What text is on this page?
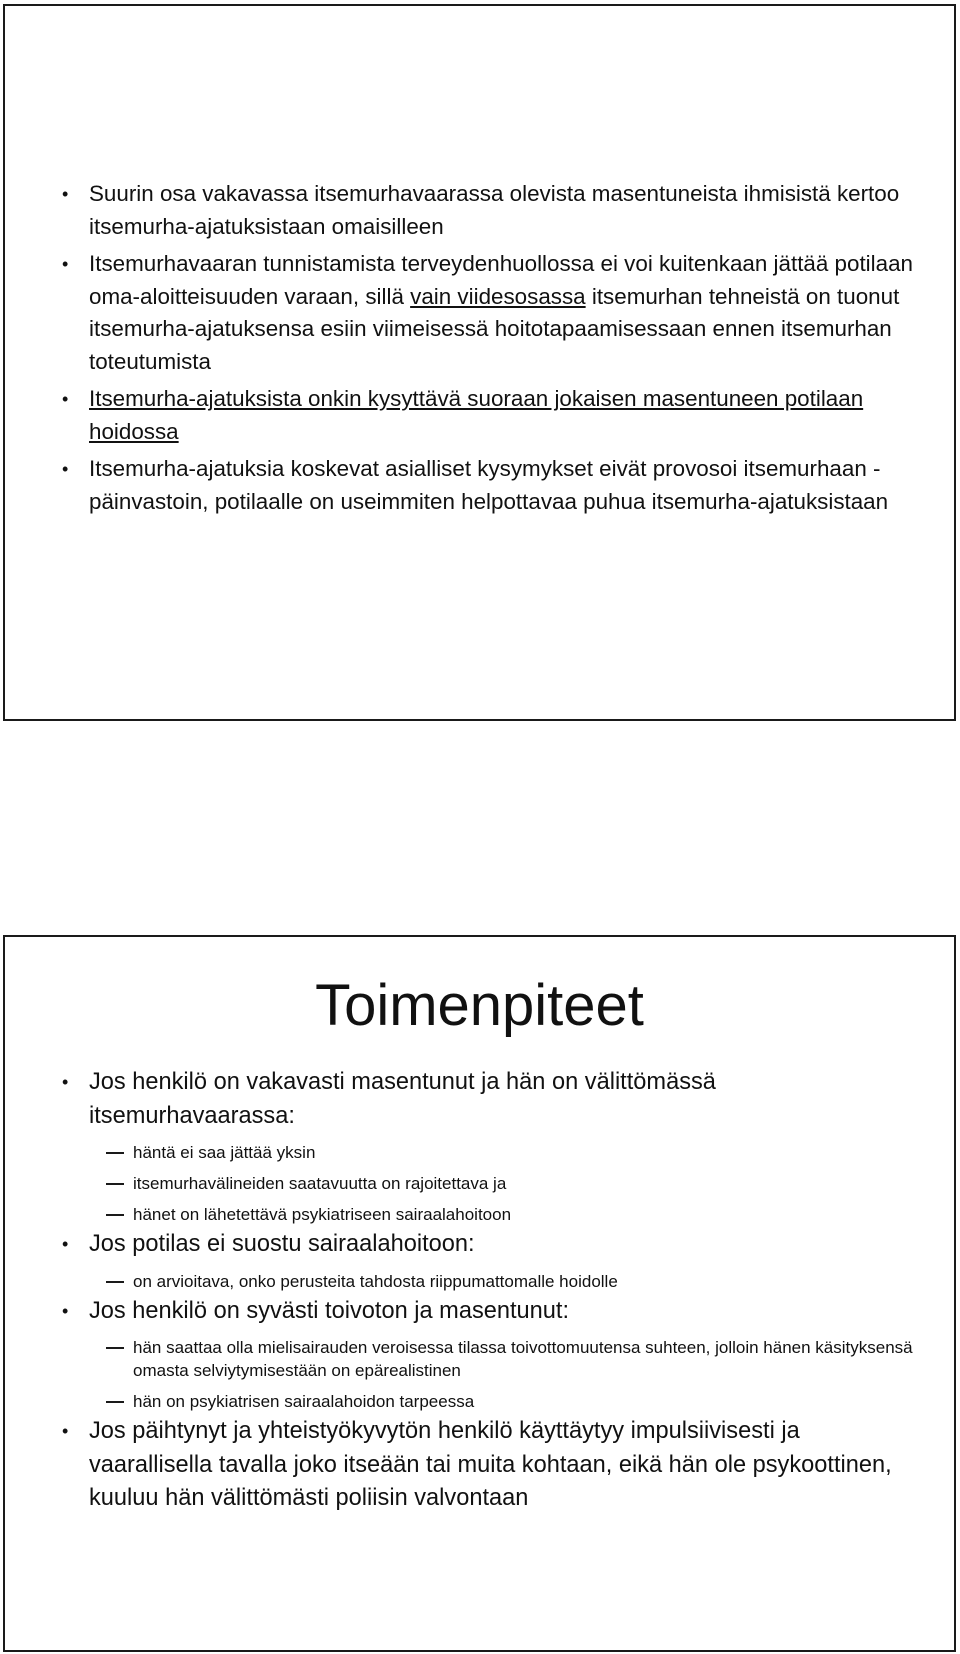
• Suurin osa vakavassa itsemurhavaarassa olevista masentuneista ihmisistä kertoo itsemurha-ajatuksistaan omaisilleen
• Itsemurhavaaran tunnistamista terveydenhuollossa ei voi kuitenkaan jättää potilaan oma-aloitteisuuden varaan, sillä vain viidesosassa itsemurhan tehneistä on tuonut itsemurha-ajatuksensa esiin viimeisessä hoitotapaamisessaan ennen itsemurhan toteutumista
• Itsemurha-ajatuksista onkin kysyttävä suoraan jokaisen masentuneen potilaan hoidossa
• Itsemurha-ajatuksia koskevat asialliset kysymykset eivät provosoi itsemurhaan - päinvastoin, potilaalle on useimmiten helpottavaa puhua itsemurha-ajatuksistaan
Toimenpiteet
• Jos henkilö on vakavasti masentunut ja hän on välittömässä itsemurhavaarassa:
häntä ei saa jättää yksin
itsemurhavälineiden saatavuutta on rajoitettava ja
hänet on lähetettävä psykiatriseen sairaalahoitoon
• Jos potilas ei suostu sairaalahoitoon:
on arvioitava, onko perusteita tahdosta riippumattomalle hoidolle
• Jos henkilö on syvästi toivoton ja masentunut:
hän saattaa olla mielisairauden veroisessa tilassa toivottomuutensa suhteen, jolloin hänen käsityksensä omasta selviytymisestään on epärealistinen
hän on psykiatrisen sairaalahoidon tarpeessa
• Jos päihtynyt ja yhteistyökyvytön henkilö käyttäytyy impulsiivisesti ja vaarallisella tavalla joko itseään tai muita kohtaan, eikä hän ole psykoottinen, kuuluu hän välittömästi poliisin valvontaan
